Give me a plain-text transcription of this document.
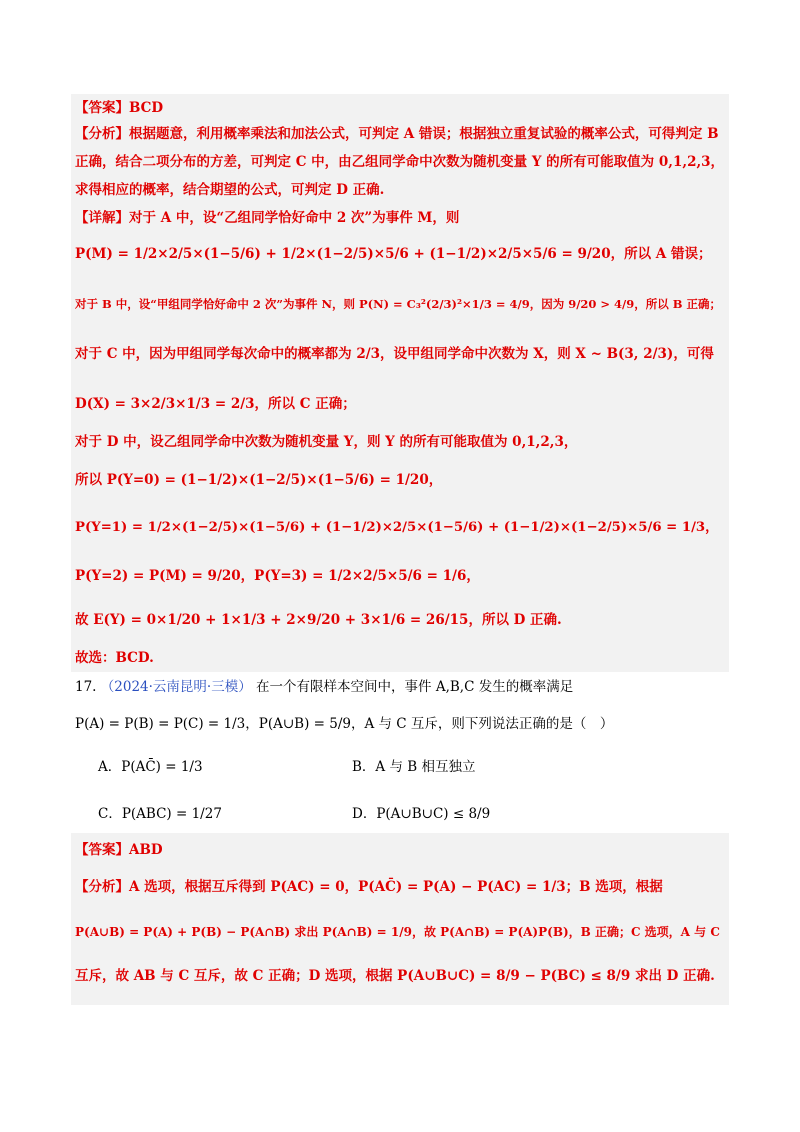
【答案】BCD
【分析】根据题意，利用概率乘法和加法公式，可判定 A 错误；根据独立重复试验的概率公式，可得判定 B
正确，结合二项分布的方差，可判定 C 中，由乙组同学命中次数为随机变量 Y 的所有可能取值为 0,1,2,3，
求得相应的概率，结合期望的公式，可判定 D 正确.
【详解】对于 A 中，设“乙组同学恰好命中 2 次”为事件 M，则
P(M) = 1/2×2/5×(1−5/6) + 1/2×(1−2/5)×5/6 + (1−1/2)×2/5×5/6 = 9/20，所以 A 错误；
对于 B 中，设“甲组同学恰好命中 2 次”为事件 N，则 P(N) = C₃²(2/3)²×1/3 = 4/9，因为 9/20 > 4/9，所以 B 正确；
对于 C 中，因为甲组同学每次命中的概率都为 2/3，设甲组同学命中次数为 X，则 X ~ B(3, 2/3)，可得
D(X) = 3×2/3×1/3 = 2/3，所以 C 正确；
对于 D 中，设乙组同学命中次数为随机变量 Y，则 Y 的所有可能取值为 0,1,2,3，
所以 P(Y=0) = (1−1/2)×(1−2/5)×(1−5/6) = 1/20，
P(Y=1) = 1/2×(1−2/5)×(1−5/6) + (1−1/2)×2/5×(1−5/6) + (1−1/2)×(1−2/5)×5/6 = 1/3，
P(Y=2) = P(M) = 9/20，P(Y=3) = 1/2×2/5×5/6 = 1/6，
故 E(Y) = 0×1/20 + 1×1/3 + 2×9/20 + 3×1/6 = 26/15，所以 D 正确.
故选：BCD.
17. （2024·云南昆明·三模） 在一个有限样本空间中，事件 A,B,C 发生的概率满足
P(A) = P(B) = P(C) = 1/3，P(A∪B) = 5/9，A 与 C 互斥，则下列说法正确的是（　）
A．P(AC̄) = 1/3	B．A 与 B 相互独立
C．P(ABC) = 1/27	D．P(A∪B∪C) ≤ 8/9
【答案】ABD
【分析】A 选项，根据互斥得到 P(AC) = 0，P(AC̄) = P(A) − P(AC) = 1/3；B 选项，根据
P(A∪B) = P(A) + P(B) − P(A∩B) 求出 P(A∩B) = 1/9，故 P(A∩B) = P(A)P(B)，B 正确；C 选项，A 与 C
互斥，故 AB 与 C 互斥，故 C 正确；D 选项，根据 P(A∪B∪C) = 8/9 − P(BC) ≤ 8/9 求出 D 正确.
